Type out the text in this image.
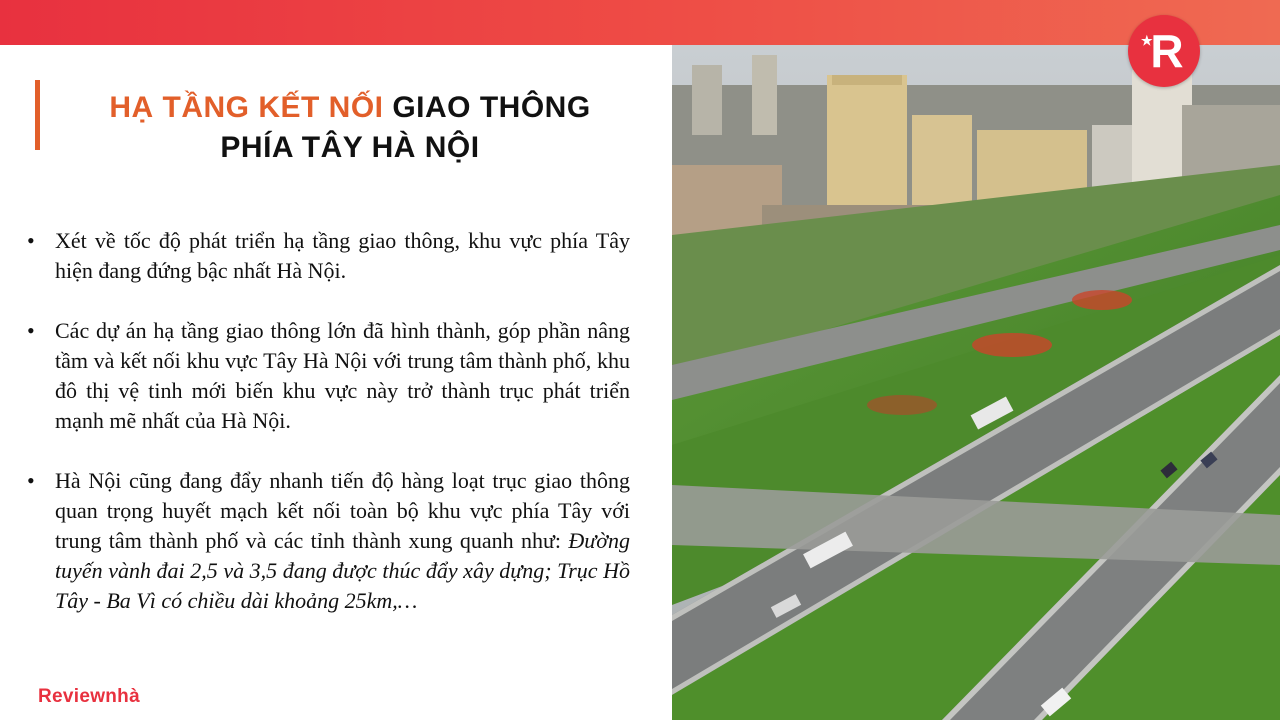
HẠ TẦNG KẾT NỐI GIAO THÔNG
PHÍA TÂY HÀ NỘI
• Xét về tốc độ phát triển hạ tầng giao thông, khu vực phía Tây hiện đang đứng bậc nhất Hà Nội.
• Các dự án hạ tầng giao thông lớn đã hình thành, góp phần nâng tầm và kết nối khu vực Tây Hà Nội với trung tâm thành phố, khu đô thị vệ tinh mới biến khu vực này trở thành trục phát triển mạnh mẽ nhất của Hà Nội.
• Hà Nội cũng đang đẩy nhanh tiến độ hàng loạt trục giao thông quan trọng huyết mạch kết nối toàn bộ khu vực phía Tây với trung tâm thành phố và các tỉnh thành xung quanh như: Đường tuyến vành đai 2,5 và 3,5 đang được thúc đẩy xây dựng; Trục Hồ Tây - Ba Vì có chiều dài khoảng 25km,…
Reviewnhà
★
R
